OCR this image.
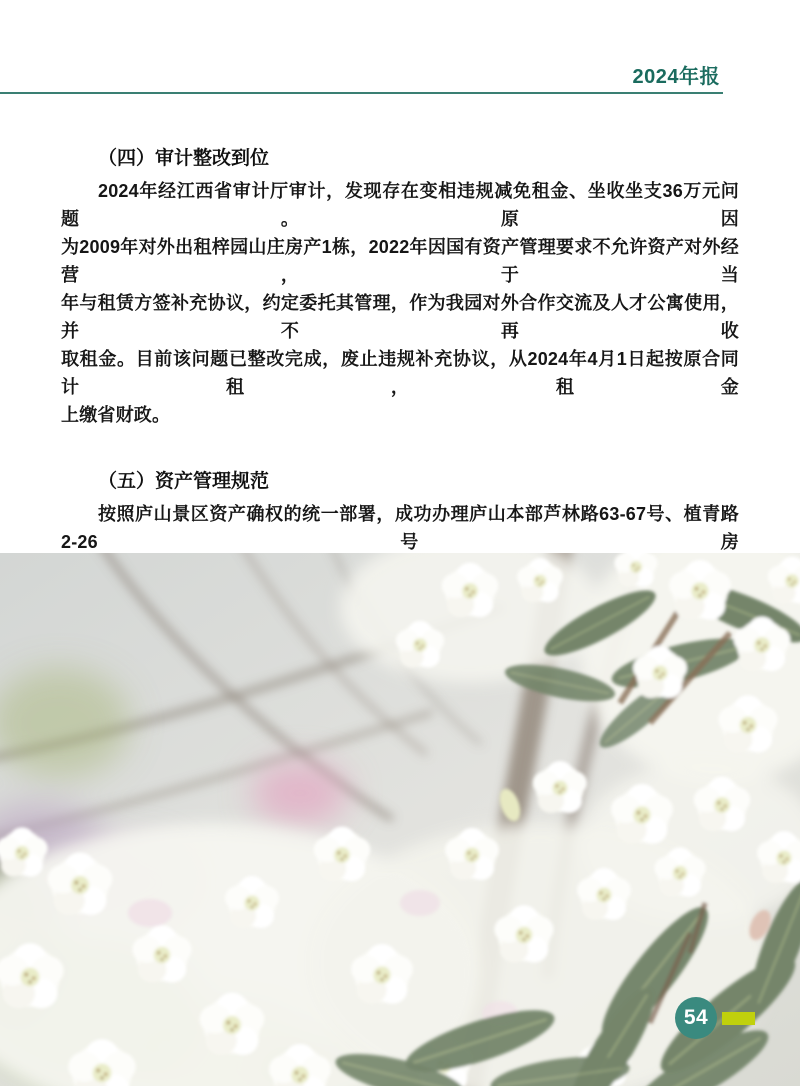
2024年报
（四）审计整改到位
2024年经江西省审计厅审计，发现存在变相违规减免租金、坐收坐支36万元问题。原因
为2009年对外出租梓园山庄房产1栋，2022年因国有资产管理要求不允许资产对外经营，于当
年与租赁方签补充协议，约定委托其管理，作为我园对外合作交流及人才公寓使用，并不再收
取租金。目前该问题已整改完成，废止违规补充协议，从2024年4月1日起按原合同计租，租金
上缴省财政。
（五）资产管理规范
按照庐山景区资产确权的统一部署，成功办理庐山本部芦林路63-67号、植青路2-26号房
54
